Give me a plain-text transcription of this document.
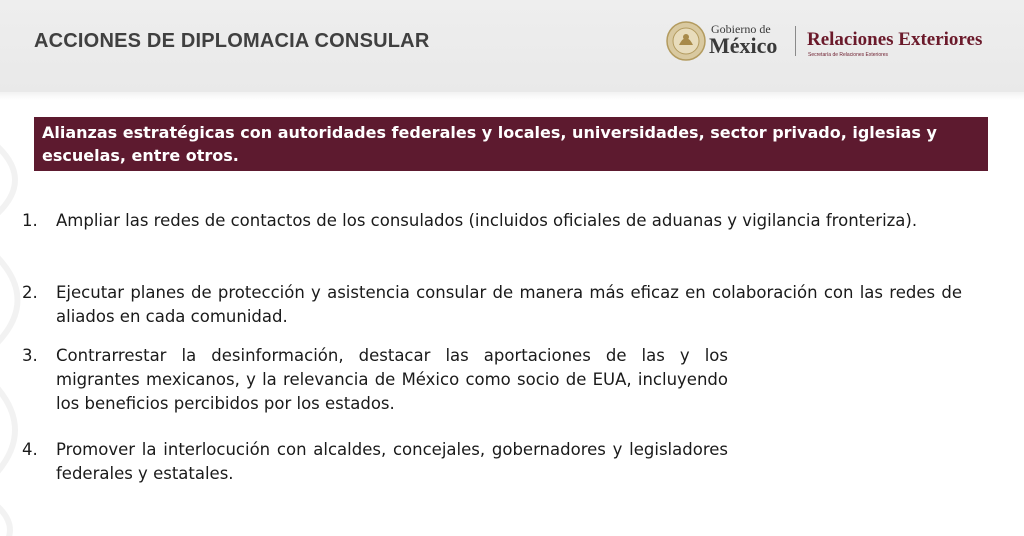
ACCIONES DE DIPLOMACIA CONSULAR
Gobierno de
México Relaciones Exteriores
Secretaría de Relaciones Exteriores
Alianzas estratégicas con autoridades federales y locales, universidades, sector privado, iglesias y escuelas, entre otros.
1.	Ampliar las redes de contactos de los consulados (incluidos oficiales de aduanas y vigilancia fronteriza).
2.	Ejecutar planes de protección y asistencia consular de manera más eficaz en colaboración con las redes de aliados en cada comunidad.
3.	Contrarrestar la desinformación, destacar las aportaciones de las y los migrantes mexicanos, y la relevancia de México como socio de EUA, incluyendo los beneficios percibidos por los estados.
4.	Promover la interlocución con alcaldes, concejales, gobernadores y legisladores federales y estatales.
